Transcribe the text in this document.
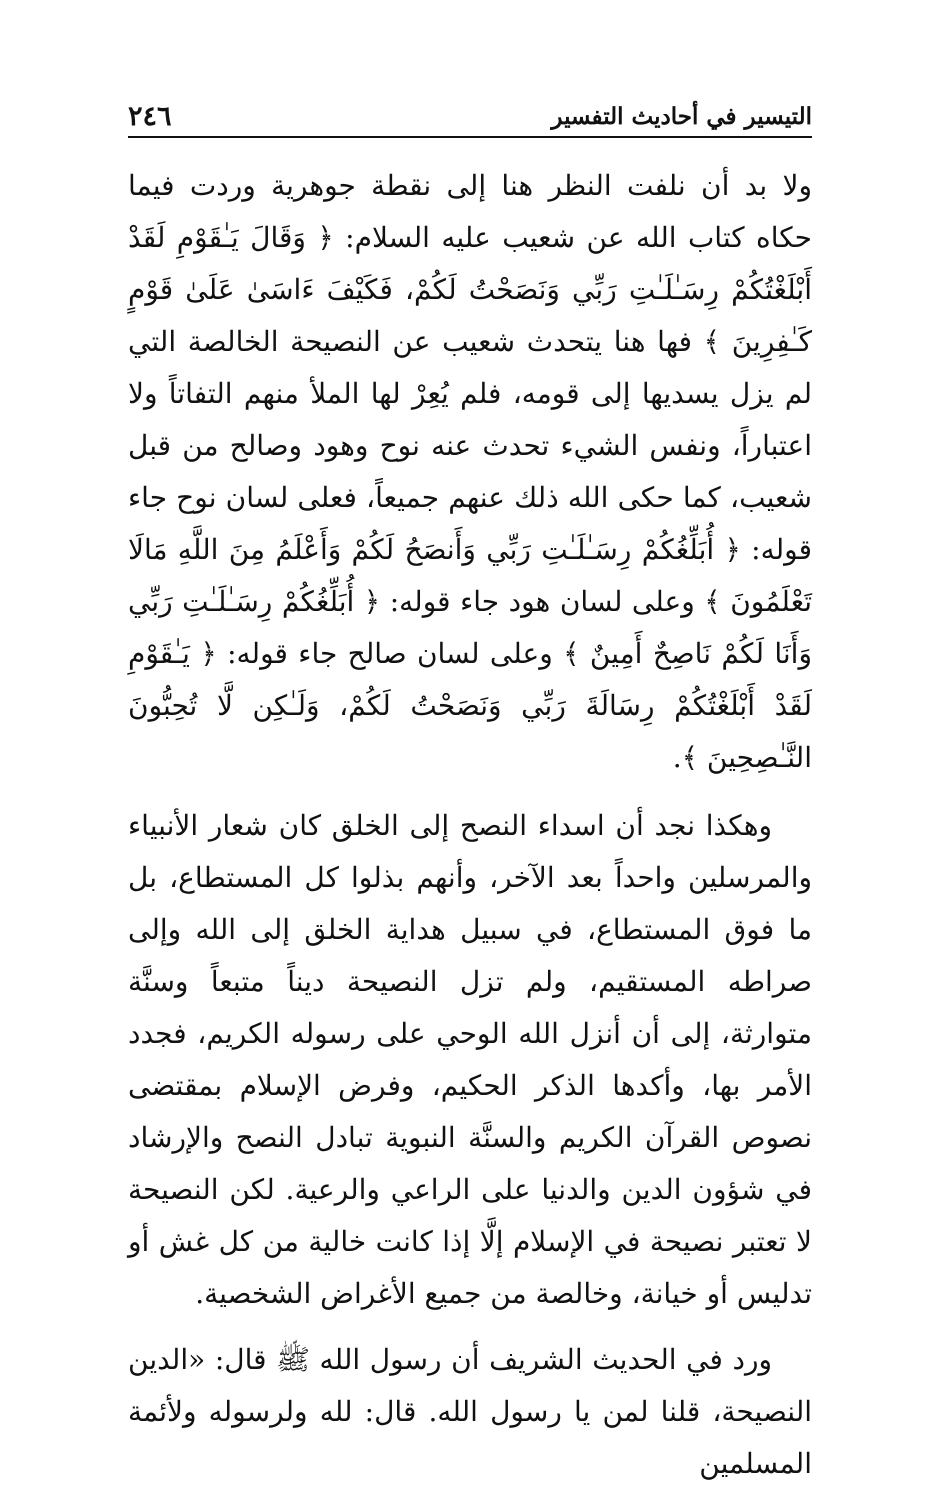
التيسير في أحاديث التفسير
٢٤٦

ولا بد أن نلفت النظر هنا إلى نقطة جوهرية وردت فيما حكاه كتاب الله عن شعيب عليه السلام: ﴿ وَقَالَ يَـٰقَوْمِ لَقَدْ أَبْلَغْتُكُمْ رِسَـٰلَـٰتِ رَبِّي وَنَصَحْتُ لَكُمْ، فَكَيْفَ ءَاسَىٰ عَلَىٰ قَوْمٍ كَـٰفِرِينَ ﴾ فها هنا يتحدث شعيب عن النصيحة الخالصة التي لم يزل يسديها إلى قومه، فلم يُعِرْ لها الملأ منهم التفاتاً ولا اعتباراً، ونفس الشيء تحدث عنه نوح وهود وصالح من قبل شعيب، كما حكى الله ذلك عنهم جميعاً، فعلى لسان نوح جاء قوله: ﴿ أُبَلِّغُكُمْ رِسَـٰلَـٰتِ رَبِّي وَأَنصَحُ لَكُمْ وَأَعْلَمُ مِنَ اللَّهِ مَالَا تَعْلَمُونَ ﴾ وعلى لسان هود جاء قوله: ﴿ أُبَلِّغُكُمْ رِسَـٰلَـٰتِ رَبِّي وَأَنَا لَكُمْ نَاصِحٌ أَمِينٌ ﴾ وعلى لسان صالح جاء قوله: ﴿ يَـٰقَوْمِ لَقَدْ أَبْلَغْتُكُمْ رِسَالَةَ رَبِّي وَنَصَحْتُ لَكُمْ، وَلَـٰكِن لَّا تُحِبُّونَ النَّـٰصِحِينَ ﴾.

وهكذا نجد أن اسداء النصح إلى الخلق كان شعار الأنبياء والمرسلين واحداً بعد الآخر، وأنهم بذلوا كل المستطاع، بل ما فوق المستطاع، في سبيل هداية الخلق إلى الله وإلى صراطه المستقيم، ولم تزل النصيحة ديناً متبعاً وسنَّة متوارثة، إلى أن أنزل الله الوحي على رسوله الكريم، فجدد الأمر بها، وأكدها الذكر الحكيم، وفرض الإسلام بمقتضى نصوص القرآن الكريم والسنَّة النبوية تبادل النصح والإرشاد في شؤون الدين والدنيا على الراعي والرعية. لكن النصيحة لا تعتبر نصيحة في الإسلام إلَّا إذا كانت خالية من كل غش أو تدليس أو خيانة، وخالصة من جميع الأغراض الشخصية.

ورد في الحديث الشريف أن رسول الله ﷺ قال: «الدين النصيحة، قلنا لمن يا رسول الله. قال: لله ولرسوله ولأئمة المسلمين
